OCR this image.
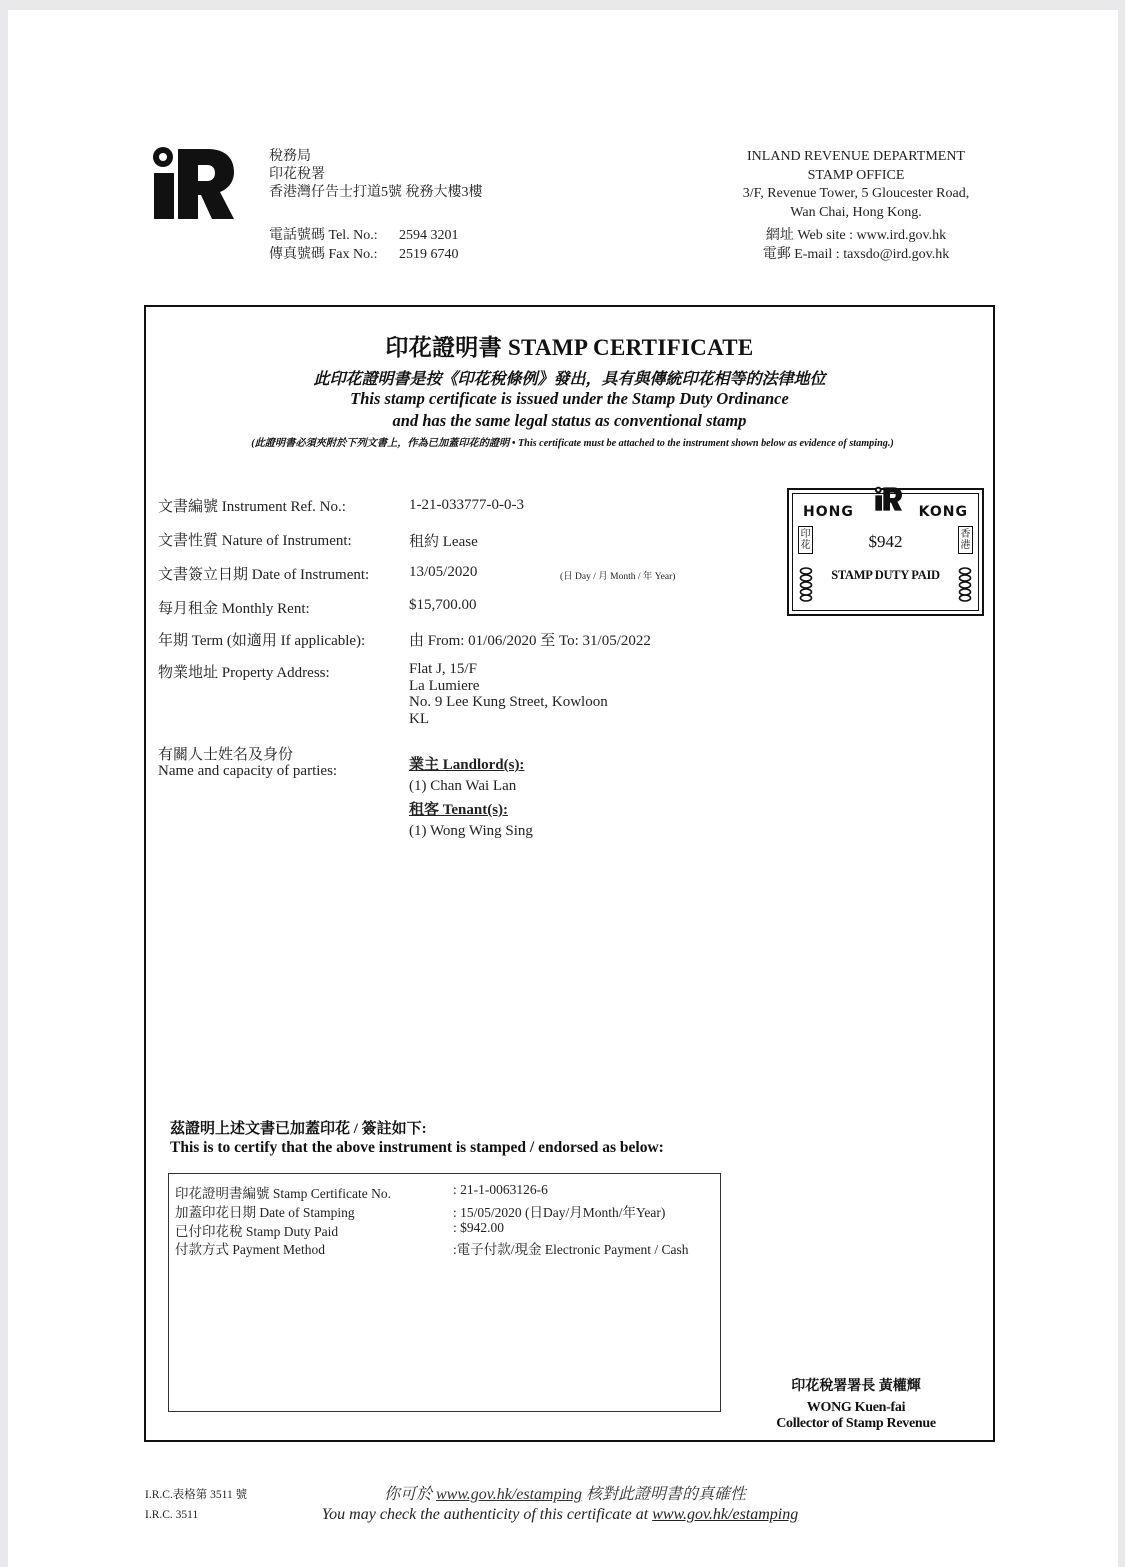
稅務局
印花稅署
香港灣仔告士打道5號 稅務大樓3樓
電話號碼 Tel. No.: 2594 3201
傳真號碼 Fax No.: 2519 6740
INLAND REVENUE DEPARTMENT
STAMP OFFICE
3/F, Revenue Tower, 5 Gloucester Road,
Wan Chai, Hong Kong.
網址 Web site : www.ird.gov.hk
電郵 E-mail : taxsdo@ird.gov.hk
印花證明書 STAMP CERTIFICATE
此印花證明書是按《印花稅條例》發出，具有與傳統印花相等的法律地位
This stamp certificate is issued under the Stamp Duty Ordinance
and has the same legal status as conventional stamp
(此證明書必須夾附於下列文書上，作為已加蓋印花的證明 • This certificate must be attached to the instrument shown below as evidence of stamping.)
文書編號 Instrument Ref. No.:	1-21-033777-0-0-3
文書性質 Nature of Instrument:	租約 Lease
文書簽立日期 Date of Instrument:	13/05/2020	(日 Day / 月 Month / 年 Year)
每月租金 Monthly Rent:	$15,700.00
年期 Term (如適用 If applicable):	由 From: 01/06/2020 至 To: 31/05/2022
物業地址 Property Address:	Flat J, 15/F
La Lumiere
No. 9 Lee Kung Street, Kowloon
KL
有關人士姓名及身份
Name and capacity of parties:	業主 Landlord(s):
(1) Chan Wai Lan
租客 Tenant(s):
(1) Wong Wing Sing
HONG	KONG
$942
STAMP DUTY PAID
印花
香港
茲證明上述文書已加蓋印花 / 簽註如下:
This is to certify that the above instrument is stamped / endorsed as below:
印花證明書編號 Stamp Certificate No.	: 21-1-0063126-6
加蓋印花日期 Date of Stamping	: 15/05/2020 (日Day/月Month/年Year)
已付印花稅 Stamp Duty Paid	: $942.00
付款方式 Payment Method	:電子付款/現金 Electronic Payment / Cash
印花稅署署長 黃權輝
WONG Kuen-fai
Collector of Stamp Revenue
I.R.C.表格第 3511 號
I.R.C. 3511
你可於 www.gov.hk/estamping 核對此證明書的真確性
You may check the authenticity of this certificate at www.gov.hk/estamping
